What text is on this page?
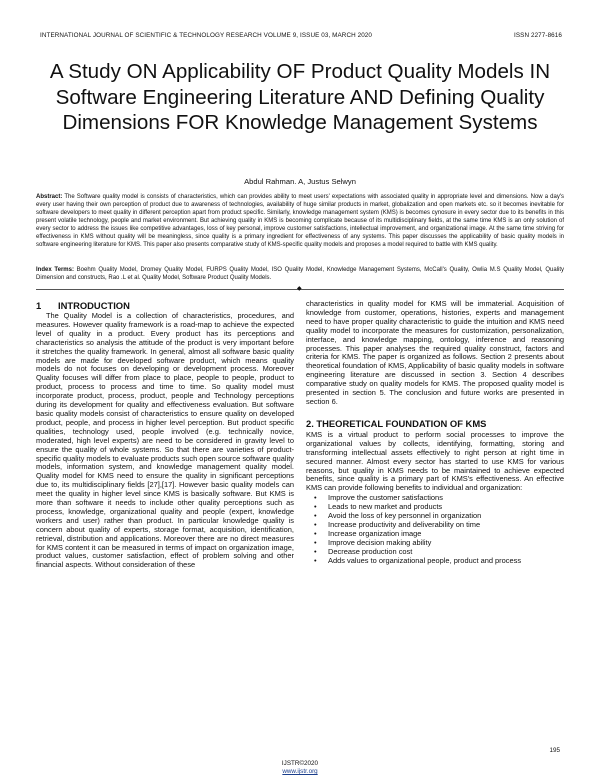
INTERNATIONAL JOURNAL OF SCIENTIFIC & TECHNOLOGY RESEARCH VOLUME 9, ISSUE 03, MARCH 2020	ISSN 2277-8616
A Study ON Applicability OF Product Quality Models IN Software Engineering Literature AND Defining Quality Dimensions FOR Knowledge Management Systems
Abdul Rahman. A, Justus Selwyn
Abstract: The Software quality model is consists of characteristics, which can provides ability to meet users' expectations with associated quality in appropriate level and dimensions. Now a day's every user having their own perception of product due to awareness of technologies, availability of huge similar products in market, globalization and open markets etc. so it becomes inevitable for software developers to meet quality in different perception apart from product specific. Similarly, knowledge management system (KMS) is becomes cynosure in every sector due to its benefits in this present volatile technology, people and market environment. But achieving quality in KMS is becoming complicate because of its multidisciplinary fields, at the same time KMS is an only solution of every sector to address the issues like competitive advantages, loss of key personal, improve customer satisfactions, intellectual improvement, and organizational image. At the same time striving for effectiveness in KMS without quality will be meaningless, since quality is a primary ingredient for effectiveness of any systems. This paper discusses the applicability of basic quality models in software engineering literature for KMS. This paper also presents comparative study of KMS-specific quality models and proposes a model required to battle with KMS quality.
Index Terms: Boehm Quality Model, Dromey Quality Model, FURPS Quality Model, ISO Quality Model, Knowledge Management Systems, McCall's Quality, Owlia M.S Quality Model, Quality Dimension and constructs, Rao .L et al. Quality Model, Software Product Quality Models.
◆
1 INTRODUCTION

The Quality Model is a collection of characteristics, procedures, and measures. However quality framework is a road-map to achieve the expected level of quality in a product. Every product has its perceptions and characteristics so analysis the attitude of the product is very important before it stretches the quality framework. In general, almost all software basic quality models are made for developed software product, which means quality models do not focuses on developing or development process. Moreover Quality focuses will differ from place to place, people to people, product to product, process to process and time to time. So quality model must incorporate product, process, product, people and Technology perceptions during its development for quality and effectiveness evaluation. But software basic quality models consist of characteristics to ensure quality on developed product, people, and process in higher level perception. But product specific qualities, technology used, people involved (e.g. technically novice, moderated, high level experts) are need to be considered in gravity level to ensure the quality of whole systems. So that there are varieties of product-specific quality models to evaluate products such open source software quality models, information system, and knowledge management quality model. Quality model for KMS need to ensure the quality in significant perceptions due to, its multidisciplinary fields [27],[17]. However basic quality models can meet the quality in higher level since KMS is basically software. But KMS is more than software it needs to include other quality perceptions such as process, knowledge, organizational quality and people (expert, knowledge workers and user) rather than product. In particular knowledge quality is concern about quality of experts, storage format, acquisition, identification, retrieval, distribution and applications. Moreover there are no direct measures for KMS content it can be measured in terms of impact on organization image, product values, customer satisfaction, effect of problem solving and other financial aspects. Without consideration of these

characteristics in quality model for KMS will be immaterial. Acquisition of knowledge from customer, operations, histories, experts and management need to have proper quality characteristic to guide the intuition and KMS need quality model to incorporate the measures for customization, personalization, interface, and knowledge mapping, ontology, inference and reasoning processes. This paper analyses the required quality construct, factors and criteria for KMS. The paper is organized as follows. Section 2 presents about theoretical foundation of KMS, Applicability of basic quality models in software engineering literature are discussed in section 3. Section 4 describes comparative study on quality models for KMS. The proposed quality model is presented in section 5. The conclusion and future works are presented in section 6.

2. THEORETICAL FOUNDATION OF KMS

KMS is a virtual product to perform social processes to improve the organizational values by collects, identifying, formatting, storing and transforming intellectual assets effectively to right person at right time in secured manner. Almost every sector has started to use KMS for various reasons, but quality in KMS needs to be maintained to achieve expected benefits, since quality is a primary part of KMS's effectiveness. An effective KMS can provide following benefits to individual and organization:

• Improve the customer satisfactions
• Leads to new market and products
• Avoid the loss of key personnel in organization
• Increase productivity and deliverability on time
• Increase organization image
• Improve decision making ability
• Decrease production cost
• Adds values to organizational people, product and process
195
IJSTR©2020
www.ijstr.org
